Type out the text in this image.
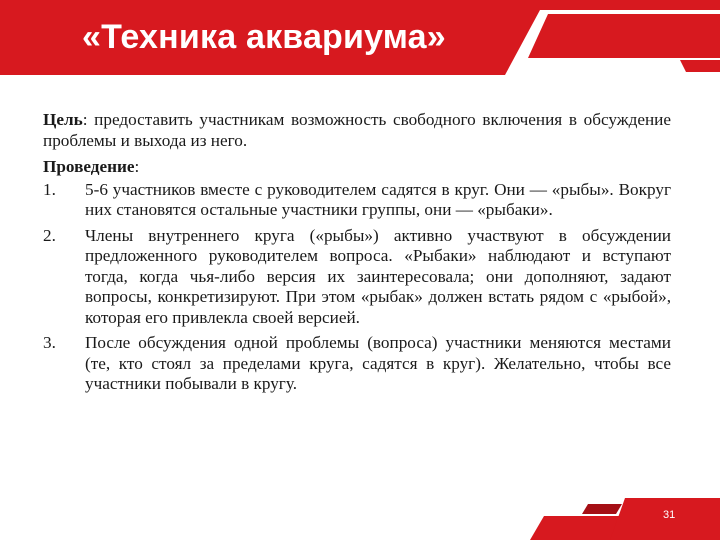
«Техника аквариума»
Цель: предоставить участникам возможность свободного включения в обсуждение проблемы и выхода из него.
Проведение:
1. 5-6 участников вместе с руководителем садятся в круг. Они — «рыбы». Вокруг них становятся остальные участники группы, они — «рыбаки».
2. Члены внутреннего круга («рыбы») активно участвуют в обсуждении предложенного руководителем вопроса. «Рыбаки» наблюдают и вступают тогда, когда чья-либо версия их заинтересовала; они дополняют, задают вопросы, конкретизируют. При этом «рыбак» должен встать рядом с «рыбой», которая его привлекла своей версией.
3. После обсуждения одной проблемы (вопроса) участники меняются местами (те, кто стоял за пределами круга, садятся в круг). Желательно, чтобы все участники побывали в кругу.
31
